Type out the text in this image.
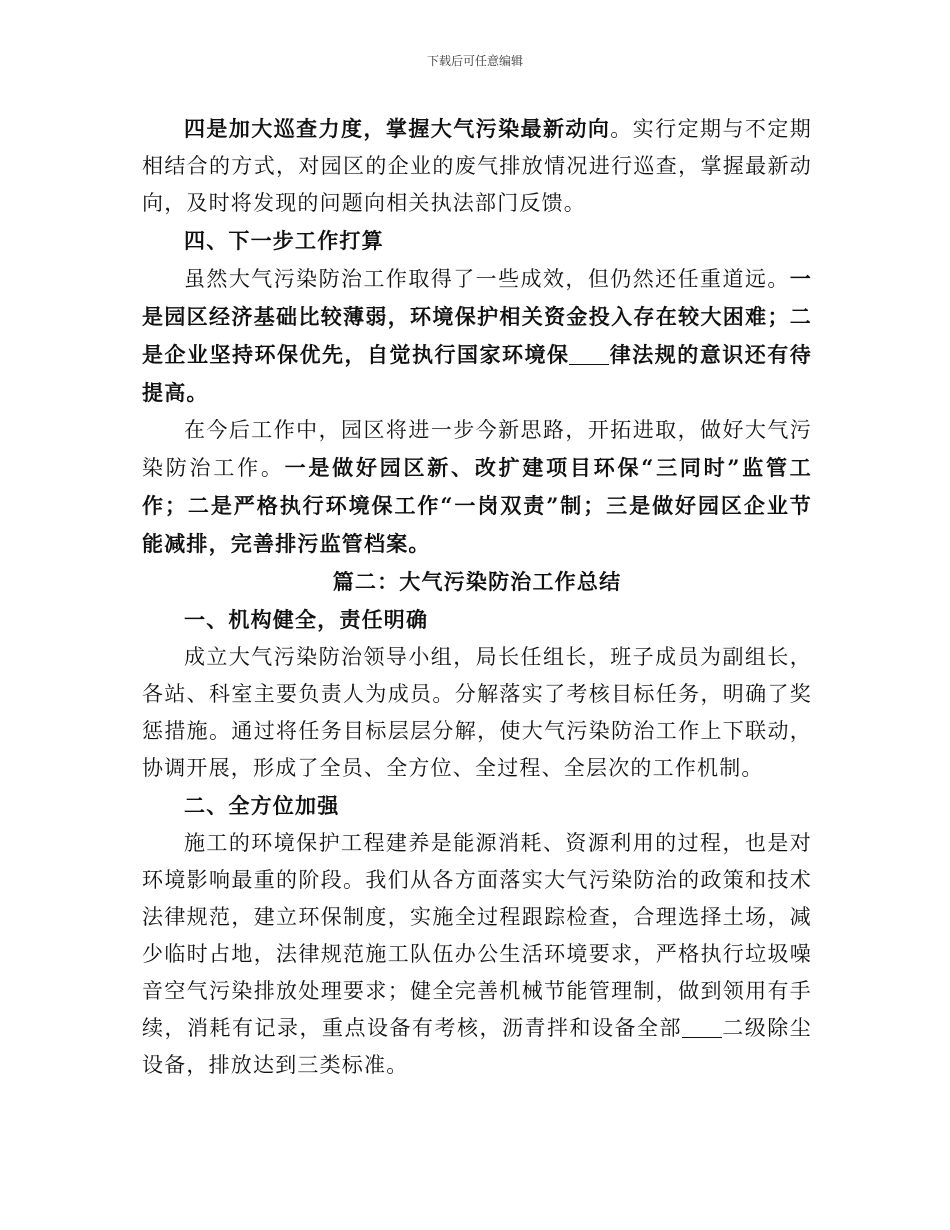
下载后可任意编辑

四是加大巡查力度，掌握大气污染最新动向。实行定期与不定期相结合的方式，对园区的企业的废气排放情况进行巡查，掌握最新动向，及时将发现的问题向相关执法部门反馈。

四、下一步工作打算

虽然大气污染防治工作取得了一些成效，但仍然还任重道远。一是园区经济基础比较薄弱，环境保护相关资金投入存在较大困难；二是企业坚持环保优先，自觉执行国家环境保 律法规的意识还有待提高。

在今后工作中，园区将进一步今新思路，开拓进取，做好大气污染防治工作。一是做好园区新、改扩建项目环保“三同时”监管工作；二是严格执行环境保工作“一岗双责”制；三是做好园区企业节能减排，完善排污监管档案。

篇二：大气污染防治工作总结

一、机构健全，责任明确

成立大气污染防治领导小组，局长任组长，班子成员为副组长，各站、科室主要负责人为成员。分解落实了考核目标任务，明确了奖惩措施。通过将任务目标层层分解，使大气污染防治工作上下联动，协调开展，形成了全员、全方位、全过程、全层次的工作机制。

二、全方位加强

施工的环境保护工程建养是能源消耗、资源利用的过程，也是对环境影响最重的阶段。我们从各方面落实大气污染防治的政策和技术法律规范，建立环保制度，实施全过程跟踪检查，合理选择土场，减少临时占地，法律规范施工队伍办公生活环境要求，严格执行垃圾噪音空气污染排放处理要求；健全完善机械节能管理制，做到领用有手续，消耗有记录，重点设备有考核，沥青拌和设备全部 二级除尘设备，排放达到三类标准。
